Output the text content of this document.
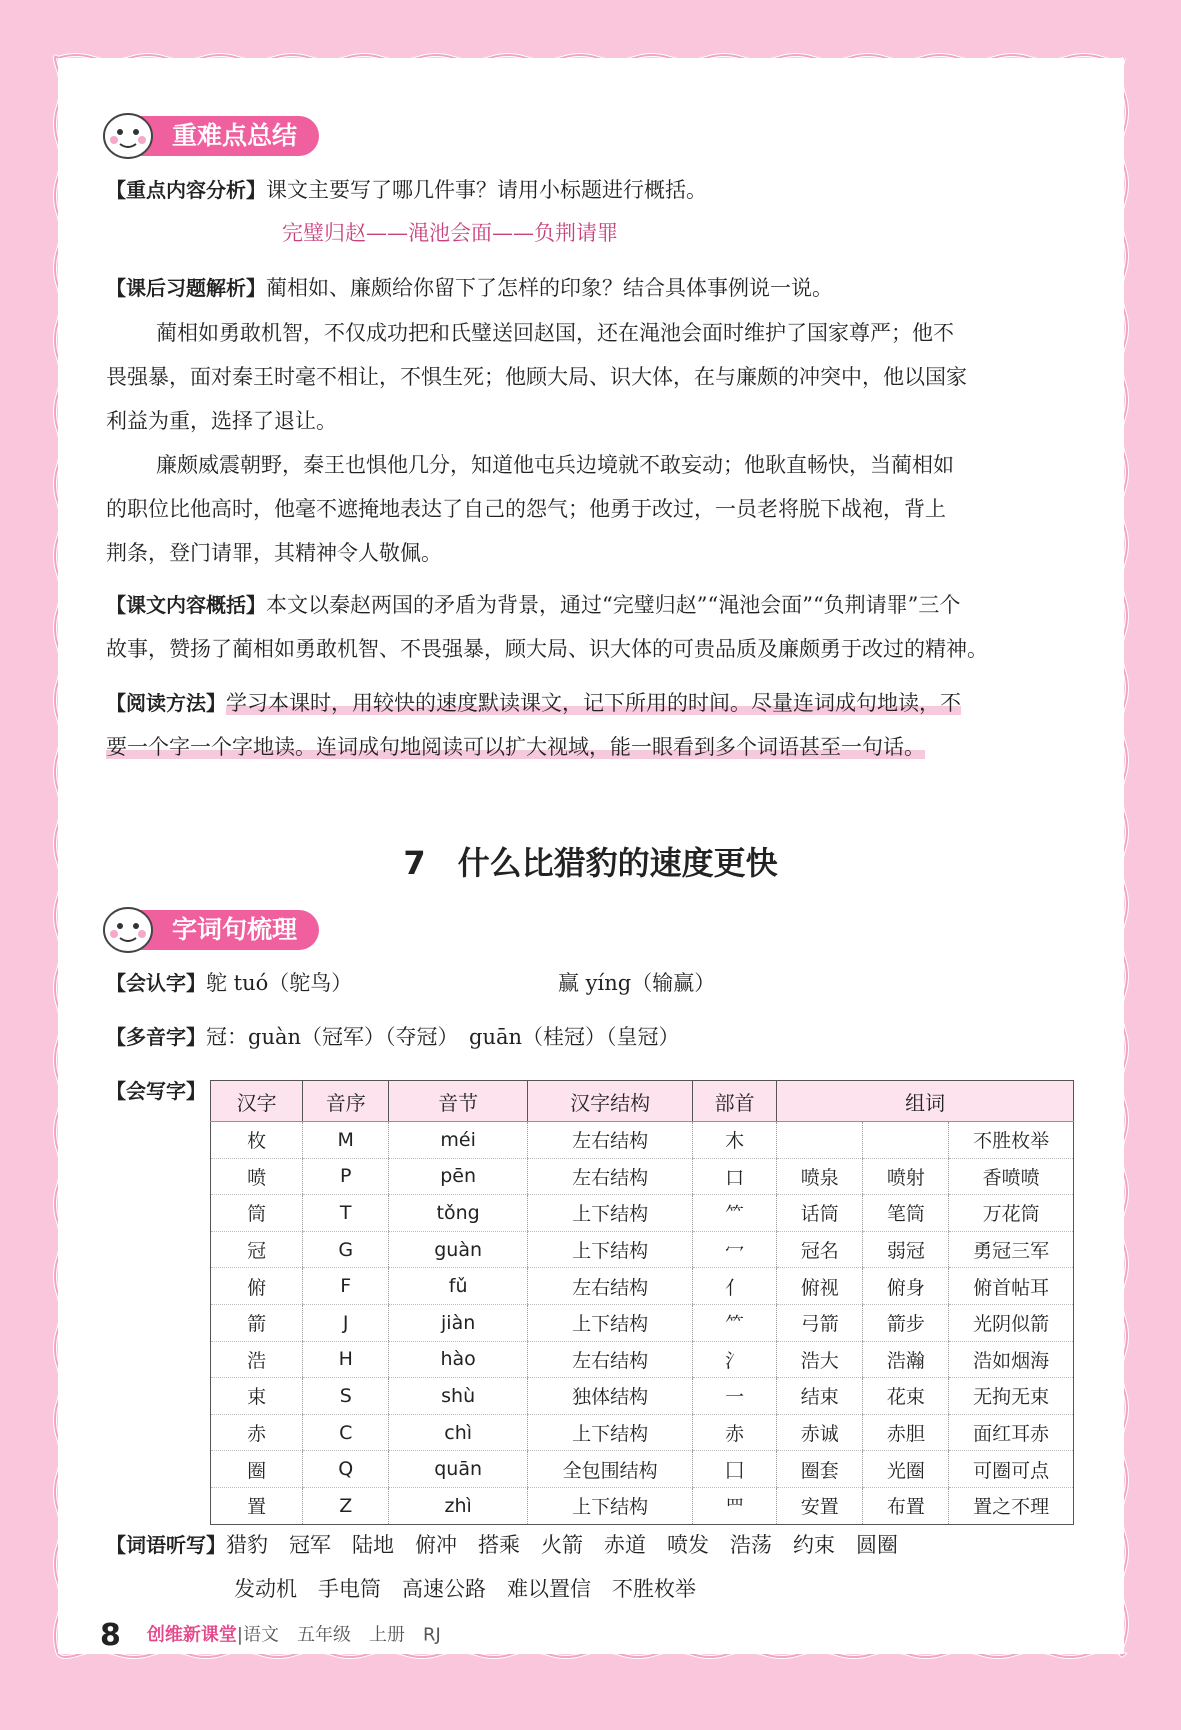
重难点总结
【重点内容分析】课文主要写了哪几件事？请用小标题进行概括。
完璧归赵——渑池会面——负荆请罪
【课后习题解析】蔺相如、廉颇给你留下了怎样的印象？结合具体事例说一说。
蔺相如勇敢机智，不仅成功把和氏璧送回赵国，还在渑池会面时维护了国家尊严；他不
畏强暴，面对秦王时毫不相让，不惧生死；他顾大局、识大体，在与廉颇的冲突中，他以国家
利益为重，选择了退让。
廉颇威震朝野，秦王也惧他几分，知道他屯兵边境就不敢妄动；他耿直畅快，当蔺相如
的职位比他高时，他毫不遮掩地表达了自己的怨气；他勇于改过，一员老将脱下战袍，背上
荆条，登门请罪，其精神令人敬佩。
【课文内容概括】本文以秦赵两国的矛盾为背景，通过“完璧归赵”“渑池会面”“负荆请罪”三个
故事，赞扬了蔺相如勇敢机智、不畏强暴，顾大局、识大体的可贵品质及廉颇勇于改过的精神。
【阅读方法】学习本课时，用较快的速度默读课文，记下所用的时间。尽量连词成句地读，不
要一个字一个字地读。连词成句地阅读可以扩大视域，能一眼看到多个词语甚至一句话。
7　什么比猎豹的速度更快
字词句梳理
【会认字】鸵 tuó（鸵鸟）	赢 yíng（输赢）
【多音字】冠：guàn（冠军）（夺冠）　guān（桂冠）（皇冠）
【会写字】 汉字	音序	音节	汉字结构	部首	组词		
枚	M	méi	左右结构	木			不胜枚举
喷	P	pēn	左右结构	口	喷泉	喷射	香喷喷
筒	T	tǒng	上下结构	⺮	话筒	笔筒	万花筒
冠	G	guàn	上下结构	冖	冠名	弱冠	勇冠三军
俯	F	fǔ	左右结构	亻	俯视	俯身	俯首帖耳
箭	J	jiàn	上下结构	⺮	弓箭	箭步	光阴似箭
浩	H	hào	左右结构	氵	浩大	浩瀚	浩如烟海
束	S	shù	独体结构	一	结束	花束	无拘无束
赤	C	chì	上下结构	赤	赤诚	赤胆	面红耳赤
圈	Q	quān	全包围结构	囗	圈套	光圈	可圈可点
置	Z	zhì	上下结构	罒	安置	布置	置之不理
【词语听写】猎豹　冠军　陆地　俯冲　搭乘　火箭　赤道　喷发　浩荡　约束　圆圈
发动机　手电筒　高速公路　难以置信　不胜枚举
8 创维新课堂|语文　五年级　上册　RJ
